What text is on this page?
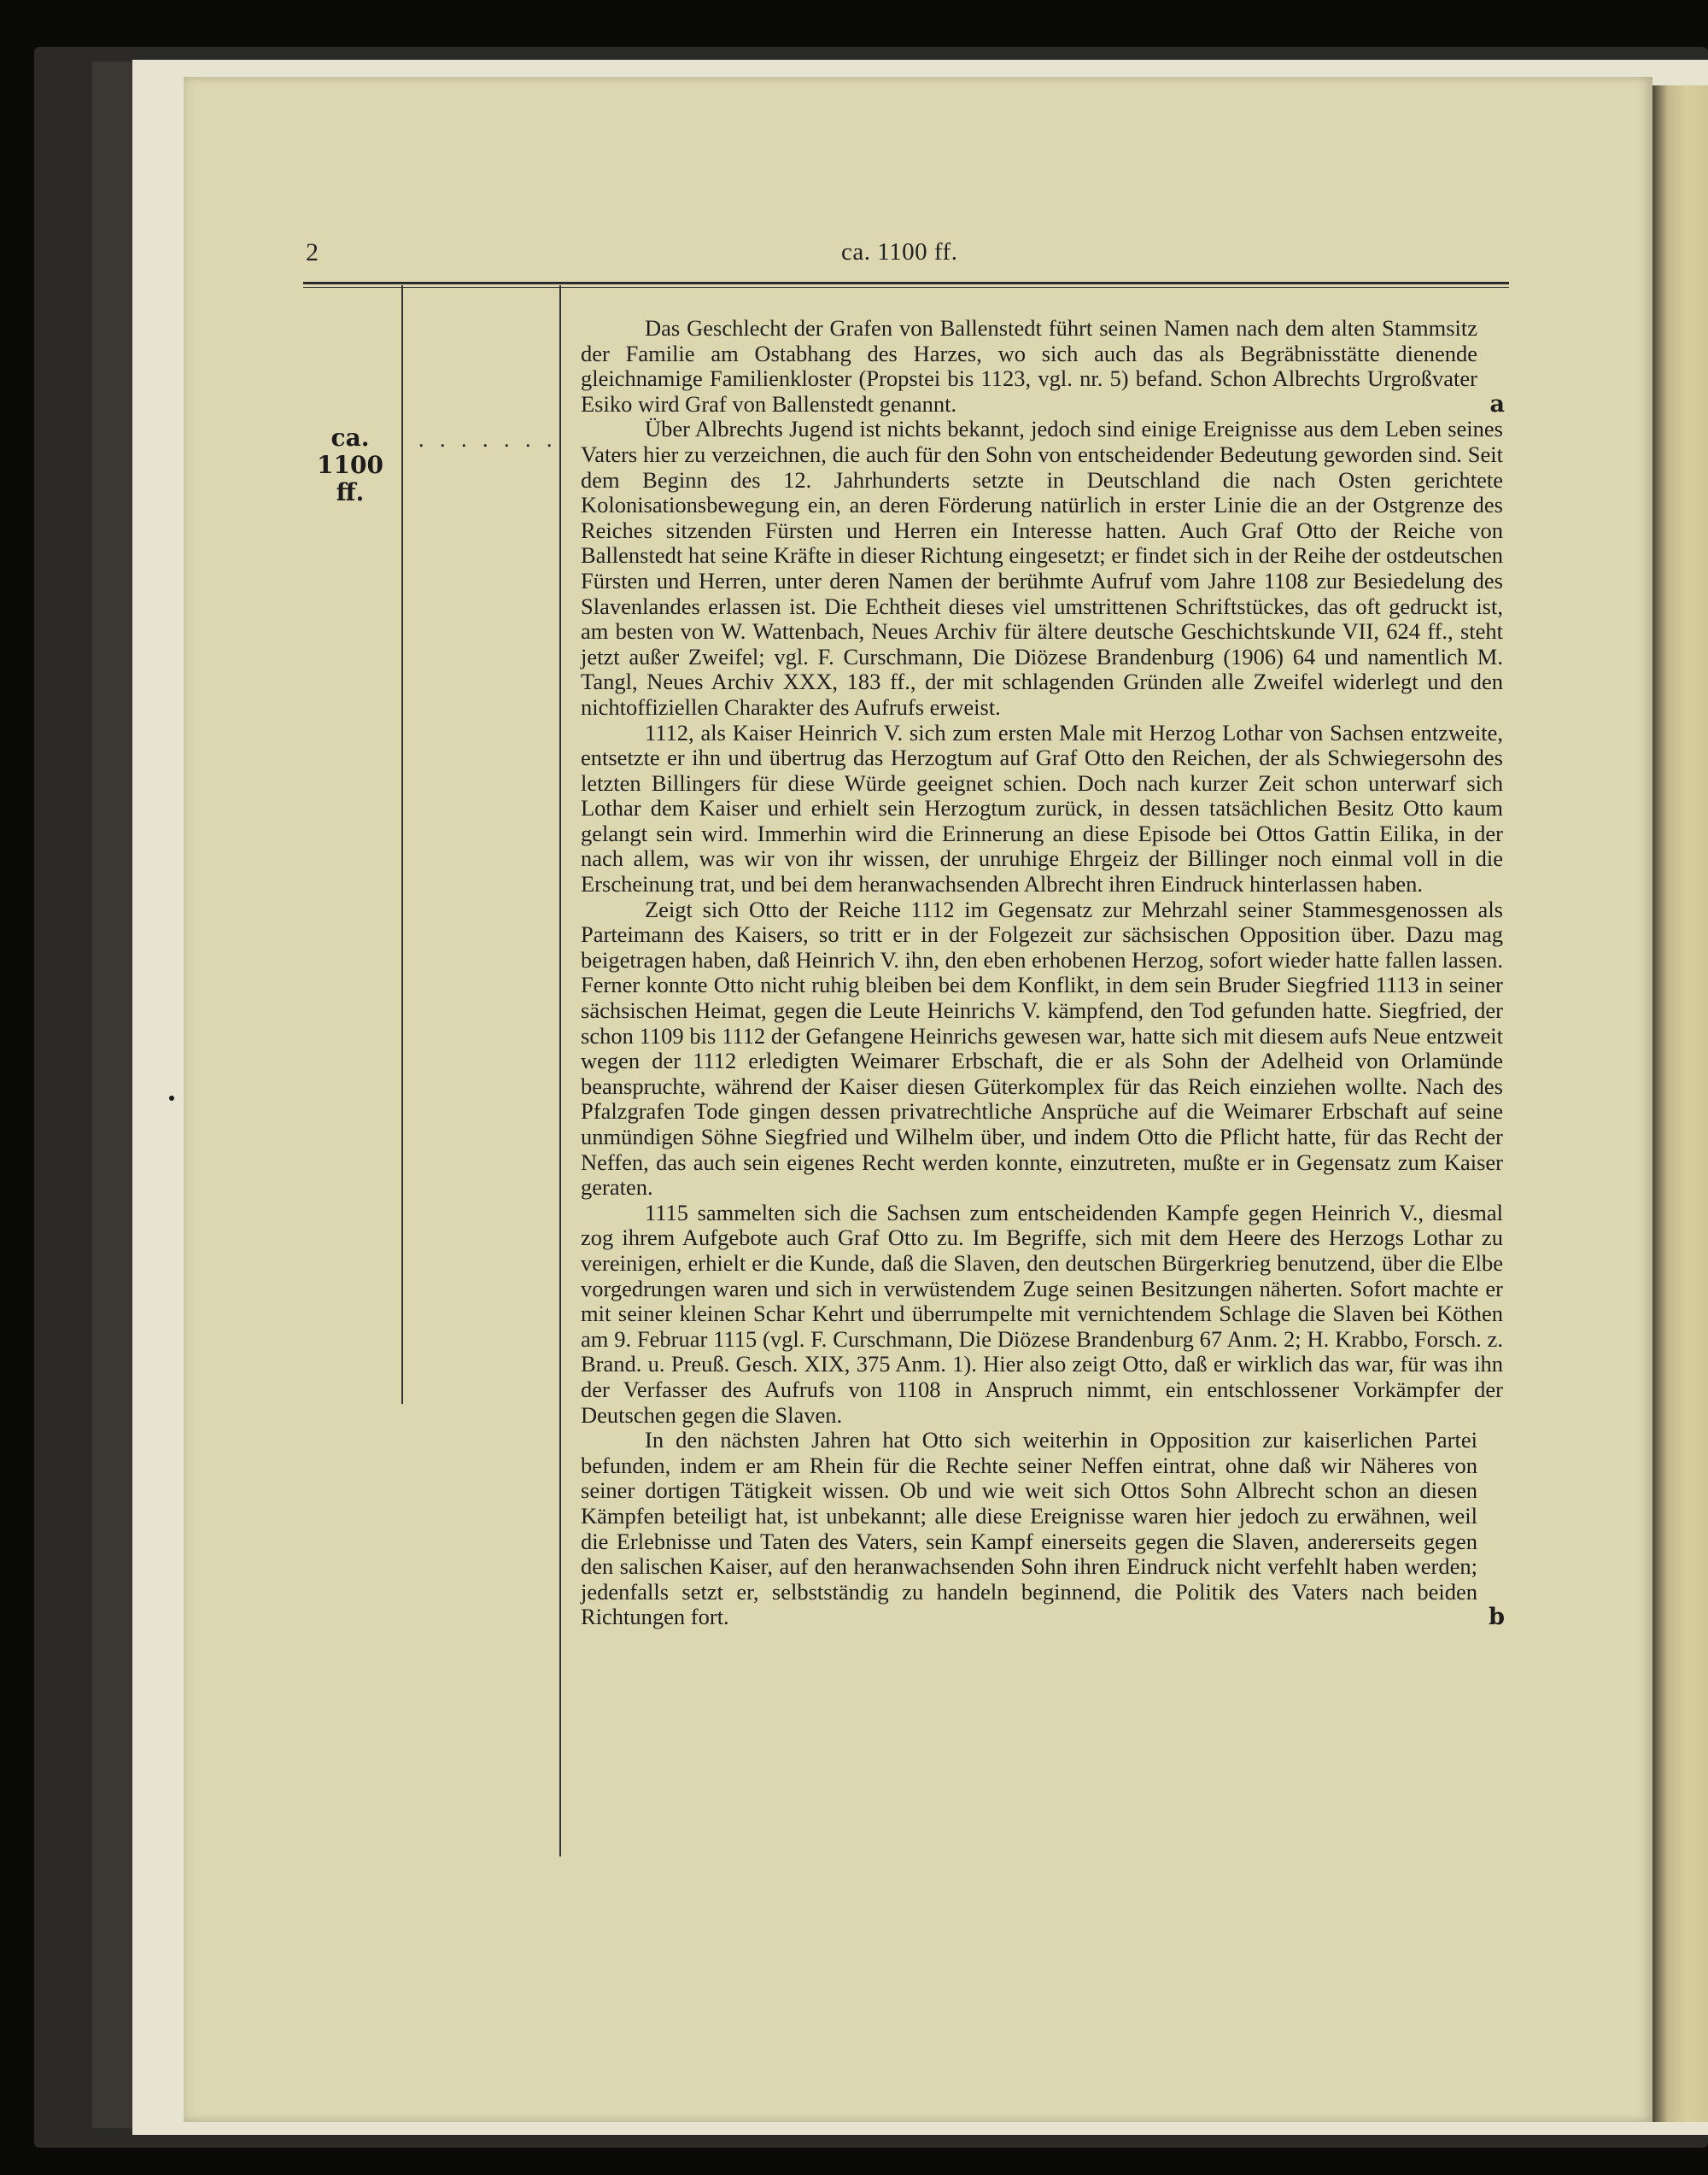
2	ca. 1100 ff.
ca. 1100
ff.
. . . . . . .

Das Geschlecht der Grafen von Ballenstedt führt seinen Namen nach dem alten Stammsitz der Familie am Ostabhang des Harzes, wo sich auch das als Begräbnisstätte dienende gleichnamige Familienkloster (Propstei bis 1123, vgl. nr. 5) befand. Schon Albrechts Urgroßvater Esiko wird Graf von Ballenstedt genannt.	a

Über Albrechts Jugend ist nichts bekannt, jedoch sind einige Ereignisse aus dem Leben seines Vaters hier zu verzeichnen, die auch für den Sohn von entscheidender Bedeutung geworden sind. Seit dem Beginn des 12. Jahrhunderts setzte in Deutschland die nach Osten gerichtete Kolonisationsbewegung ein, an deren Förderung natürlich in erster Linie die an der Ostgrenze des Reiches sitzenden Fürsten und Herren ein Interesse hatten. Auch Graf Otto der Reiche von Ballenstedt hat seine Kräfte in dieser Richtung eingesetzt; er findet sich in der Reihe der ostdeutschen Fürsten und Herren, unter deren Namen der berühmte Aufruf vom Jahre 1108 zur Besiedelung des Slavenlandes erlassen ist. Die Echtheit dieses viel umstrittenen Schriftstückes, das oft gedruckt ist, am besten von W. Wattenbach, Neues Archiv für ältere deutsche Geschichtskunde VII, 624 ff., steht jetzt außer Zweifel; vgl. F. Curschmann, Die Diözese Brandenburg (1906) 64 und namentlich M. Tangl, Neues Archiv XXX, 183 ff., der mit schlagenden Gründen alle Zweifel widerlegt und den nichtoffiziellen Charakter des Aufrufs erweist.

1112, als Kaiser Heinrich V. sich zum ersten Male mit Herzog Lothar von Sachsen entzweite, entsetzte er ihn und übertrug das Herzogtum auf Graf Otto den Reichen, der als Schwiegersohn des letzten Billingers für diese Würde geeignet schien. Doch nach kurzer Zeit schon unterwarf sich Lothar dem Kaiser und erhielt sein Herzogtum zurück, in dessen tatsächlichen Besitz Otto kaum gelangt sein wird. Immerhin wird die Erinnerung an diese Episode bei Ottos Gattin Eilika, in der nach allem, was wir von ihr wissen, der unruhige Ehrgeiz der Billinger noch einmal voll in die Erscheinung trat, und bei dem heranwachsenden Albrecht ihren Eindruck hinterlassen haben.

Zeigt sich Otto der Reiche 1112 im Gegensatz zur Mehrzahl seiner Stammesgenossen als Parteimann des Kaisers, so tritt er in der Folgezeit zur sächsischen Opposition über. Dazu mag beigetragen haben, daß Heinrich V. ihn, den eben erhobenen Herzog, sofort wieder hatte fallen lassen. Ferner konnte Otto nicht ruhig bleiben bei dem Konflikt, in dem sein Bruder Siegfried 1113 in seiner sächsischen Heimat, gegen die Leute Heinrichs V. kämpfend, den Tod gefunden hatte. Siegfried, der schon 1109 bis 1112 der Gefangene Heinrichs gewesen war, hatte sich mit diesem aufs Neue entzweit wegen der 1112 erledigten Weimarer Erbschaft, die er als Sohn der Adelheid von Orlamünde beanspruchte, während der Kaiser diesen Güterkomplex für das Reich einziehen wollte. Nach des Pfalzgrafen Tode gingen dessen privatrechtliche Ansprüche auf die Weimarer Erbschaft auf seine unmündigen Söhne Siegfried und Wilhelm über, und indem Otto die Pflicht hatte, für das Recht der Neffen, das auch sein eigenes Recht werden konnte, einzutreten, mußte er in Gegensatz zum Kaiser geraten.

1115 sammelten sich die Sachsen zum entscheidenden Kampfe gegen Heinrich V., diesmal zog ihrem Aufgebote auch Graf Otto zu. Im Begriffe, sich mit dem Heere des Herzogs Lothar zu vereinigen, erhielt er die Kunde, daß die Slaven, den deutschen Bürgerkrieg benutzend, über die Elbe vorgedrungen waren und sich in verwüstendem Zuge seinen Besitzungen näherten. Sofort machte er mit seiner kleinen Schar Kehrt und überrumpelte mit vernichtendem Schlage die Slaven bei Köthen am 9. Februar 1115 (vgl. F. Curschmann, Die Diözese Brandenburg 67 Anm. 2; H. Krabbo, Forsch. z. Brand. u. Preuß. Gesch. XIX, 375 Anm. 1). Hier also zeigt Otto, daß er wirklich das war, für was ihn der Verfasser des Aufrufs von 1108 in Anspruch nimmt, ein entschlossener Vorkämpfer der Deutschen gegen die Slaven.

In den nächsten Jahren hat Otto sich weiterhin in Opposition zur kaiserlichen Partei befunden, indem er am Rhein für die Rechte seiner Neffen eintrat, ohne daß wir Näheres von seiner dortigen Tätigkeit wissen. Ob und wie weit sich Ottos Sohn Albrecht schon an diesen Kämpfen beteiligt hat, ist unbekannt; alle diese Ereignisse waren hier jedoch zu erwähnen, weil die Erlebnisse und Taten des Vaters, sein Kampf einerseits gegen die Slaven, andererseits gegen den salischen Kaiser, auf den heranwachsenden Sohn ihren Eindruck nicht verfehlt haben werden; jedenfalls setzt er, selbstständig zu handeln beginnend, die Politik des Vaters nach beiden Richtungen fort.	b
